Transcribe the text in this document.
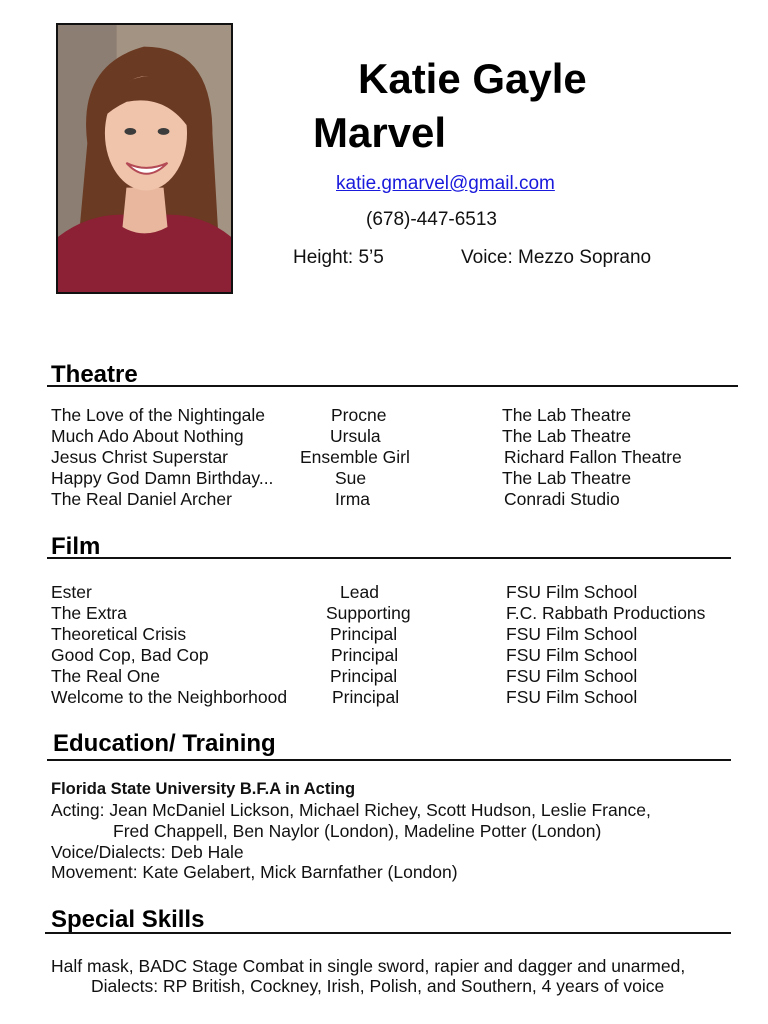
Katie Gayle
Marvel
katie.gmarvel@gmail.com
(678)-447-6513
Height: 5’5	Voice: Mezzo Soprano
Theatre
The Love of the Nightingale	Procne	The Lab Theatre
Much Ado About Nothing	Ursula	The Lab Theatre
Jesus Christ Superstar	Ensemble Girl	Richard Fallon Theatre
Happy God Damn Birthday...	Sue	The Lab Theatre
The Real Daniel Archer	Irma	Conradi Studio
Film
Ester	Lead	FSU Film School
The Extra	Supporting	F.C. Rabbath Productions
Theoretical Crisis	Principal	FSU Film School
Good Cop, Bad Cop	Principal	FSU Film School
The Real One	Principal	FSU Film School
Welcome to the Neighborhood	Principal	FSU Film School
Education/ Training
Florida State University B.F.A in Acting
Acting: Jean McDaniel Lickson, Michael Richey, Scott Hudson, Leslie France,
Fred Chappell, Ben Naylor (London), Madeline Potter (London)
Voice/Dialects: Deb Hale
Movement: Kate Gelabert, Mick Barnfather (London)
Special Skills
Half mask, BADC Stage Combat in single sword, rapier and dagger and unarmed,
Dialects: RP British, Cockney, Irish, Polish, and Southern, 4 years of voice
